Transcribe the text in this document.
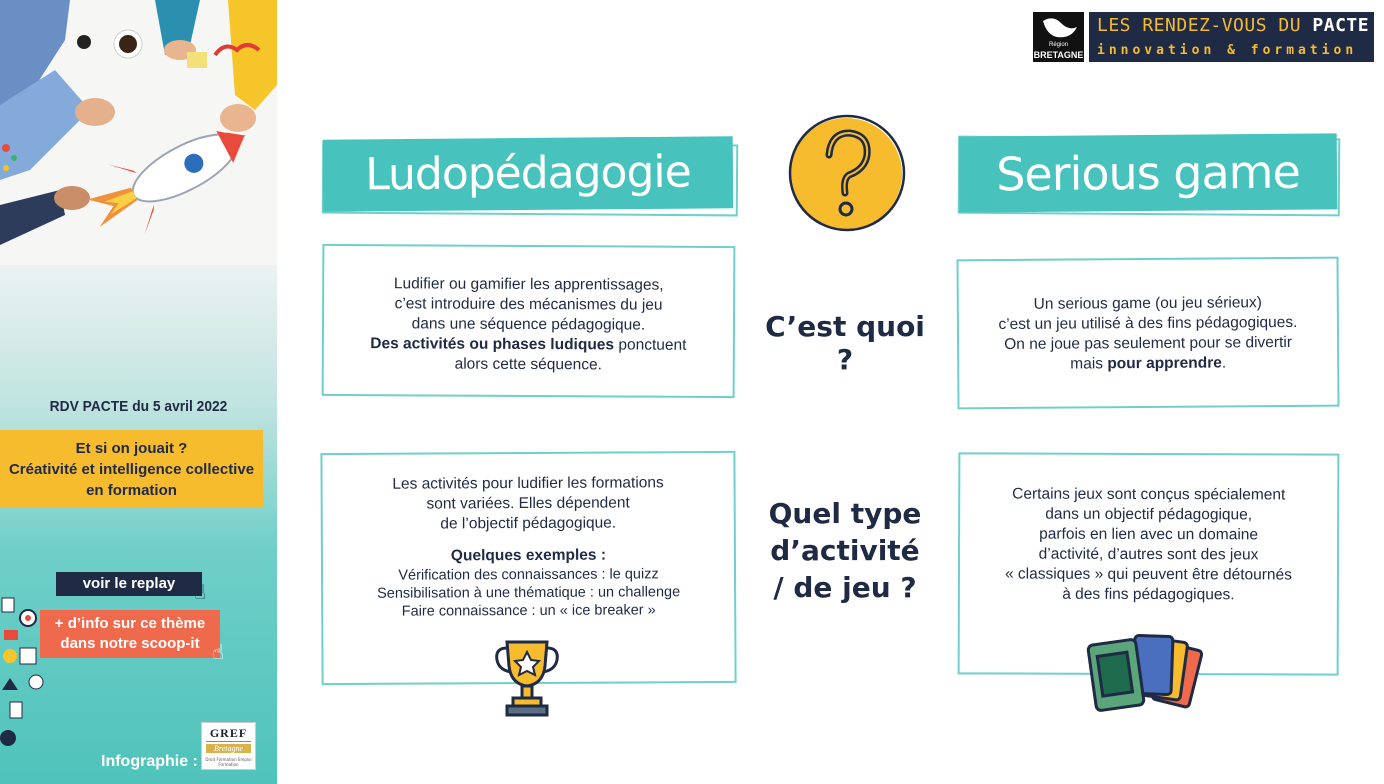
RDV PACTE du 5 avril 2022
Et si on jouait ?
Créativité et intelligence collective
en formation
voir le replay ☝
+ d’info sur ce thème
dans notre scoop-it ☝
Infographie :
GREF
Bretagne
Droit Formation Emploi Formation
Région
BRETAGNE
LES RENDEZ-VOUS DU PACTE
innovation & formation
Ludopédagogie
Ludifier ou gamifier les apprentissages,
c’est introduire des mécanismes du jeu
dans une séquence pédagogique.
Des activités ou phases ludiques ponctuent
alors cette séquence.
Les activités pour ludifier les formations
sont variées. Elles dépendent
de l’objectif pédagogique.
Quelques exemples :
Vérification des connaissances : le quizz
Sensibilisation à une thématique : un challenge
Faire connaissance : un « ice breaker »
C’est quoi ?
Quel type
d’activité
/ de jeu ?
Serious game
Un serious game (ou jeu sérieux)
c’est un jeu utilisé à des fins pédagogiques.
On ne joue pas seulement pour se divertir
mais pour apprendre.
Certains jeux sont conçus spécialement
dans un objectif pédagogique,
parfois en lien avec un domaine
d’activité, d’autres sont des jeux
« classiques » qui peuvent être détournés
à des fins pédagogiques.
